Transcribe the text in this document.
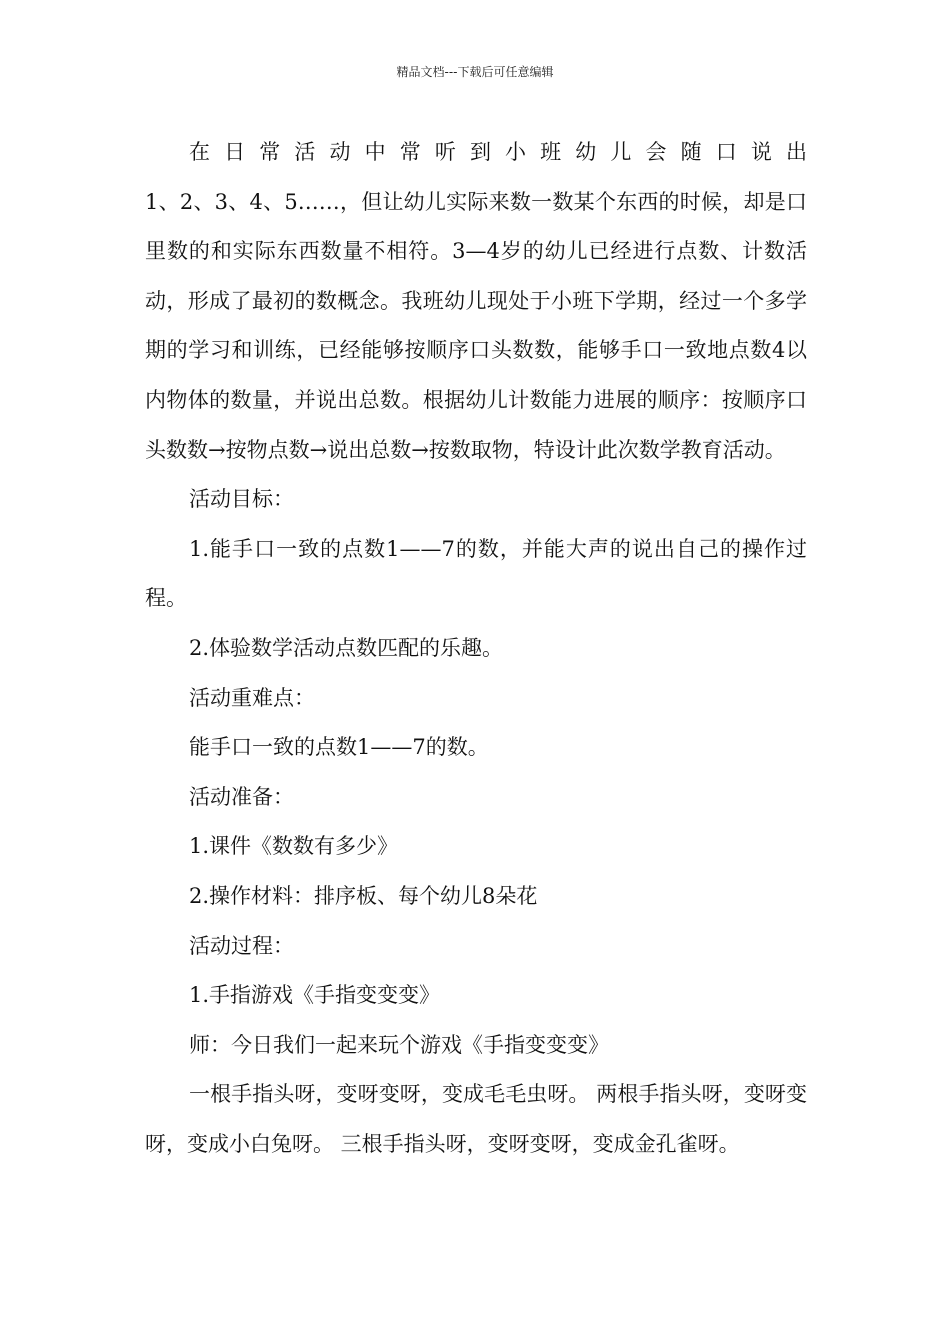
精品文档---下载后可任意编辑

在日常活动中常听到小班幼儿会随口说出

1、2、3、4、5……，但让幼儿实际来数一数某个东西的时候，却是口里数的和实际东西数量不相符。3—4岁的幼儿已经进行点数、计数活动，形成了最初的数概念。我班幼儿现处于小班下学期，经过一个多学期的学习和训练，已经能够按顺序口头数数，能够手口一致地点数4以内物体的数量，并说出总数。根据幼儿计数能力进展的顺序：按顺序口头数数→按物点数→说出总数→按数取物，特设计此次数学教育活动。

活动目标：

1.能手口一致的点数1——7的数，并能大声的说出自己的操作过程。

2.体验数学活动点数匹配的乐趣。

活动重难点：

能手口一致的点数1——7的数。

活动准备：

1.课件《数数有多少》

2.操作材料：排序板、每个幼儿8朵花

活动过程：

1.手指游戏《手指变变变》

师：今日我们一起来玩个游戏《手指变变变》

一根手指头呀，变呀变呀，变成毛毛虫呀。 两根手指头呀，变呀变呀，变成小白兔呀。 三根手指头呀，变呀变呀，变成金孔雀呀。
